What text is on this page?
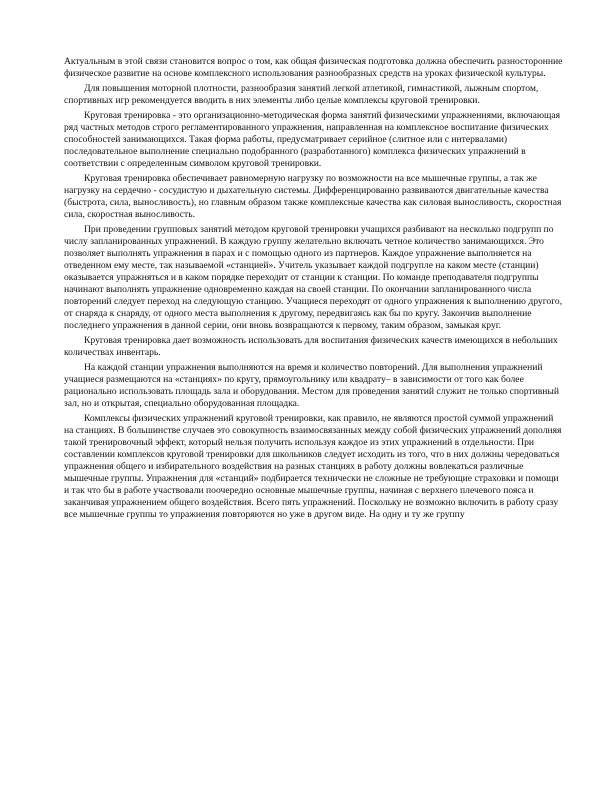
Актуальным в этой связи становится вопрос о том, как общая физическая подготовка должна обеспечить разносторонние физическое развитие на основе комплексного использования разнообразных средств на уроках физической культуры.

Для повышения моторной плотности, разнообразия занятий легкой атлетикой, гимнастикой, лыжным спортом, спортивных игр рекомендуется вводить в них элементы либо целые комплексы круговой тренировки.

Круговая тренировка - это организационно-методическая форма занятий физическими упражнениями, включающая ряд частных методов строго регламентированного упражнения, направленная на комплексное воспитание физических способностей занимающихся. Такая форма работы, предусматривает серийное (слитное или с интервалами) последовательное выполнение специально подобранного (разработанного) комплекса физических упражнений в соответствии с определенным символом круговой тренировки.

Круговая тренировка обеспечивает равномерную нагрузку по возможности на все мышечные группы, а так же нагрузку на сердечно - сосудистую и дыхательную системы. Дифференцированно развиваются двигательные качества (быстрота, сила, выносливость), но главным образом также комплексные качества как силовая выносливость, скоростная сила, скоростная выносливость.

При проведении групповых занятий методом круговой тренировки учащихся разбивают на несколько подгрупп по числу запланированных упражнений. В каждую группу желательно включать четное количество занимающихся. Это позволяет выполнять упражнения в парах и с помощью одного из партнеров. Каждое упражнение выполняется на отведенном ему месте, так называемой «станцией». Учитель указывает каждой подгрупле на каком месте (станции) оказывается упражняться и в каком порядке переходит от станции к станции. По команде преподавателя подгруппы начинают выполнять упражнение одновременно каждая на своей станции. По окончании запланированного числа повторений следует переход на следующую станцию. Учащиеся переходят от одного упражнения к выполнению другого, от снаряда к снаряду, от одного места выполнения к другому, передвигаясь как бы по кругу. Закончив выполнение последнего упражнения в данной серии, они вновь возвращаются к первому, таким образом, замыкая круг.

Круговая тренировка дает возможность использовать для воспитания физических качеств имеющихся в небольших количествах инвентарь.

На каждой станции упражнения выполняются на время и количество повторений. Для выполнения упражнений учащиеся размещаются на «станциях» по кругу, прямоугольнику или квадрату– в зависимости от того как более рационально использовать площадь зала и оборудования. Местом для проведения занятий служит не только спортивный зал, но и открытая, специально оборудованная площадка.

Комплексы физических упражнений круговой тренировки, как правило, не являются простой суммой упражнений на станциях. В большинстве случаев это совокупность взаимосвязанных между собой физических упражнений дополняя такой тренировочный эффект, который нельзя получить используя каждое из этих упражнений в отдельности. При составлении комплексов круговой тренировки для школьников следует исходить из того, что в них должны чередоваться упражнения общего и избирательного воздействия на разных станциях в работу должны вовлекаться различные мышечные группы. Упражнения для «станций» подбирается технически не сложные не требующие страховки и помощи и так что бы в работе участвовали поочередно основные мышечные группы, начиная с верхнего плечевого пояса и заканчивая упражнением общего воздействия. Всего пять упражнений. Поскольку не возможно включить в работу сразу все мышечные группы то упражнения повторяются но уже в другом виде. На одну и ту же группу
